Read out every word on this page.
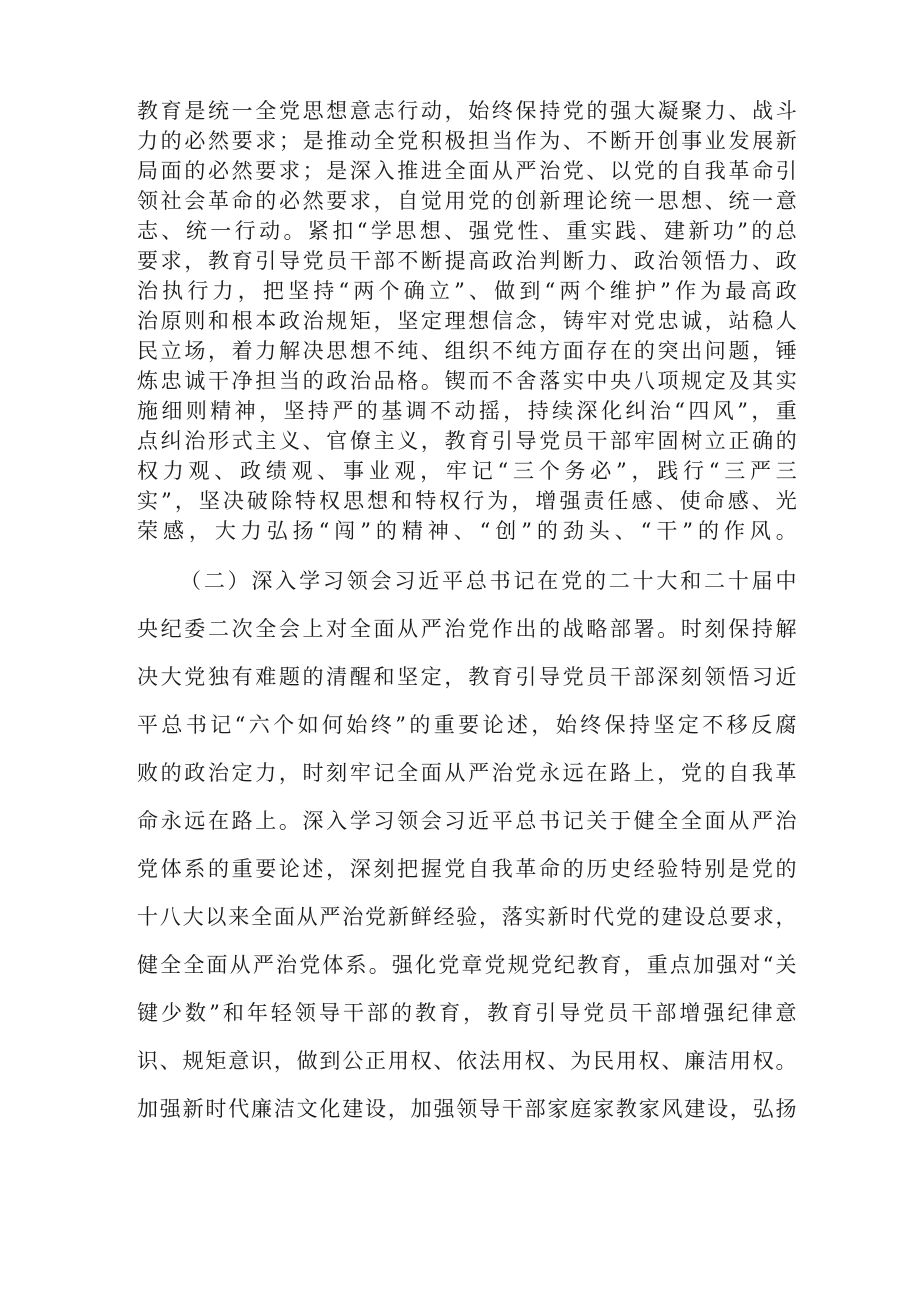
教育是统一全党思想意志行动，始终保持党的强大凝聚力、战斗
力的必然要求；是推动全党积极担当作为、不断开创事业发展新
局面的必然要求；是深入推进全面从严治党、以党的自我革命引
领社会革命的必然要求，自觉用党的创新理论统一思想、统一意
志、统一行动。紧扣“学思想、强党性、重实践、建新功”的总
要求，教育引导党员干部不断提高政治判断力、政治领悟力、政
治执行力，把坚持“两个确立”、做到“两个维护”作为最高政
治原则和根本政治规矩，坚定理想信念，铸牢对党忠诚，站稳人
民立场，着力解决思想不纯、组织不纯方面存在的突出问题，锤
炼忠诚干净担当的政治品格。锲而不舍落实中央八项规定及其实
施细则精神，坚持严的基调不动摇，持续深化纠治“四风”，重
点纠治形式主义、官僚主义，教育引导党员干部牢固树立正确的
权力观、政绩观、事业观，牢记“三个务必”，践行“三严三
实”，坚决破除特权思想和特权行为，增强责任感、使命感、光
荣感，大力弘扬“闯”的精神、“创”的劲头、“干”的作风。
（二）深入学习领会习近平总书记在党的二十大和二十届中
央纪委二次全会上对全面从严治党作出的战略部署。时刻保持解
决大党独有难题的清醒和坚定，教育引导党员干部深刻领悟习近
平总书记“六个如何始终”的重要论述，始终保持坚定不移反腐
败的政治定力，时刻牢记全面从严治党永远在路上，党的自我革
命永远在路上。深入学习领会习近平总书记关于健全全面从严治
党体系的重要论述，深刻把握党自我革命的历史经验特别是党的
十八大以来全面从严治党新鲜经验，落实新时代党的建设总要求，
健全全面从严治党体系。强化党章党规党纪教育，重点加强对“关
键少数”和年轻领导干部的教育，教育引导党员干部增强纪律意
识、规矩意识，做到公正用权、依法用权、为民用权、廉洁用权。
加强新时代廉洁文化建设，加强领导干部家庭家教家风建设，弘扬
